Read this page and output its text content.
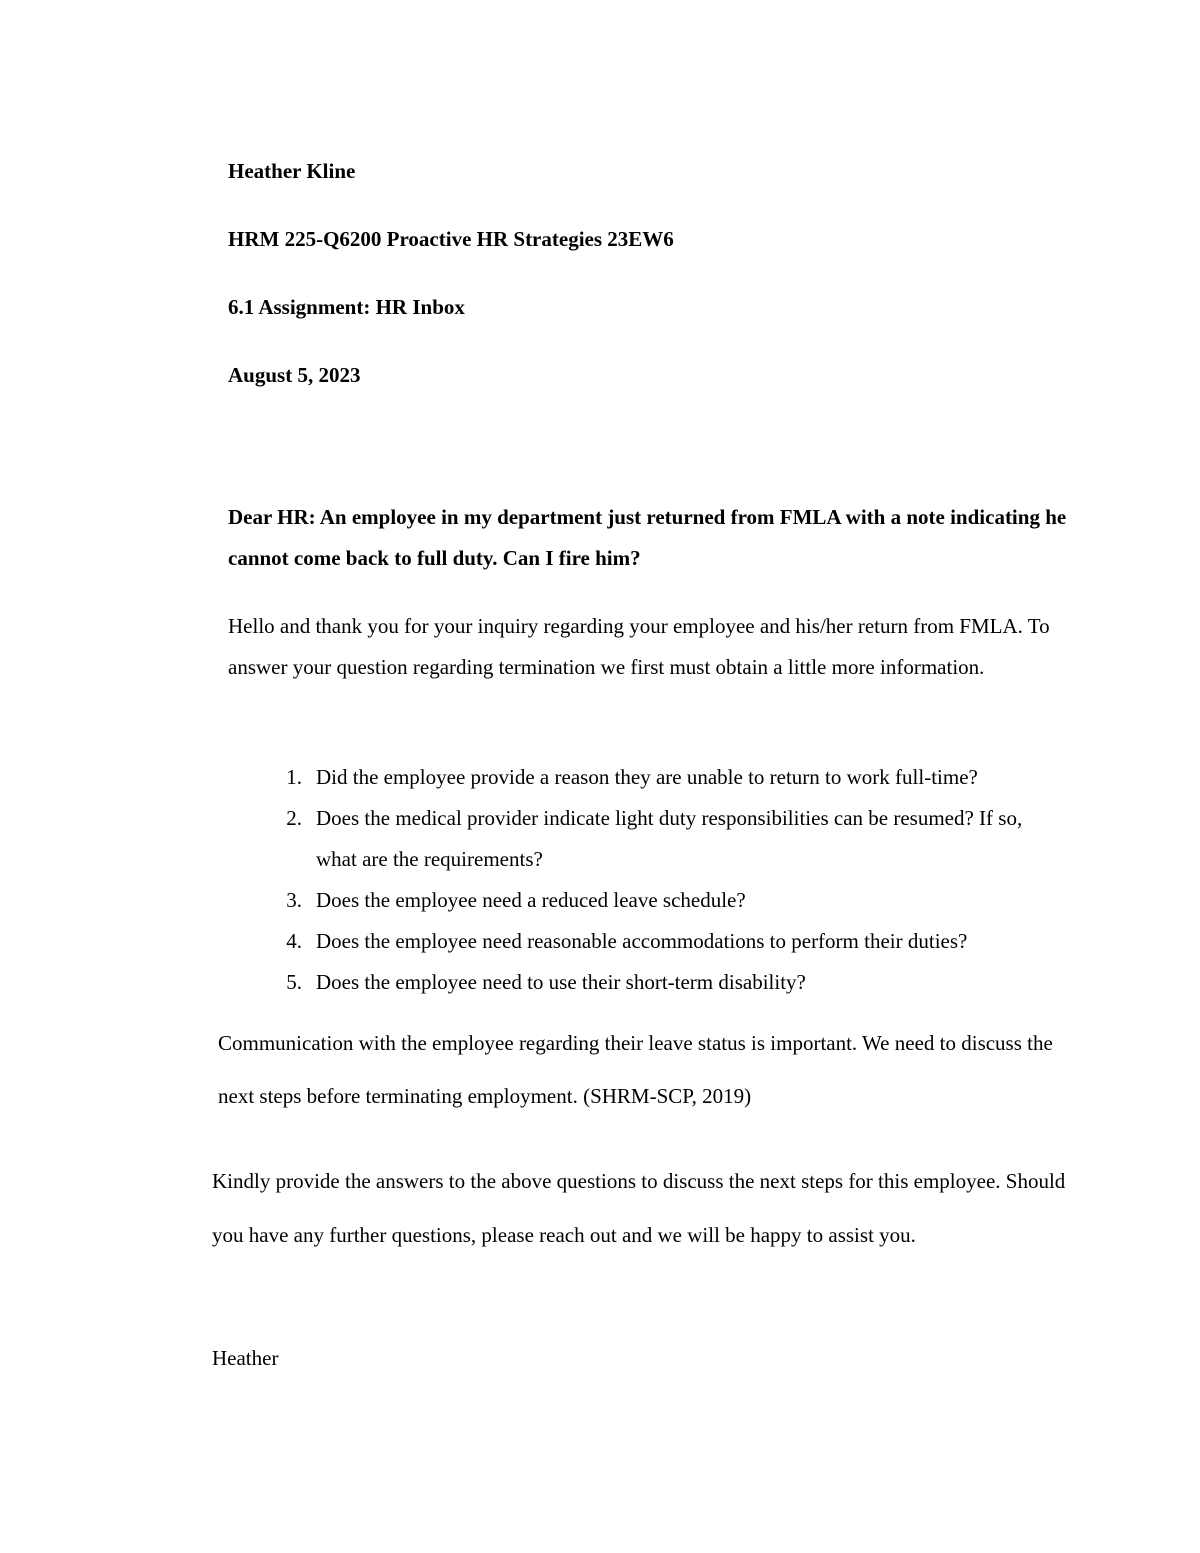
Heather Kline

HRM 225-Q6200 Proactive HR Strategies 23EW6

6.1 Assignment: HR Inbox

August 5, 2023

Dear HR: An employee in my department just returned from FMLA with a note indicating he cannot come back to full duty. Can I fire him?

Hello and thank you for your inquiry regarding your employee and his/her return from FMLA. To answer your question regarding termination we first must obtain a little more information.

1. Did the employee provide a reason they are unable to return to work full-time?
2. Does the medical provider indicate light duty responsibilities can be resumed? If so, what are the requirements?
3. Does the employee need a reduced leave schedule?
4. Does the employee need reasonable accommodations to perform their duties?
5. Does the employee need to use their short-term disability?

Communication with the employee regarding their leave status is important. We need to discuss the next steps before terminating employment. (SHRM-SCP, 2019)

Kindly provide the answers to the above questions to discuss the next steps for this employee. Should you have any further questions, please reach out and we will be happy to assist you.

Heather
